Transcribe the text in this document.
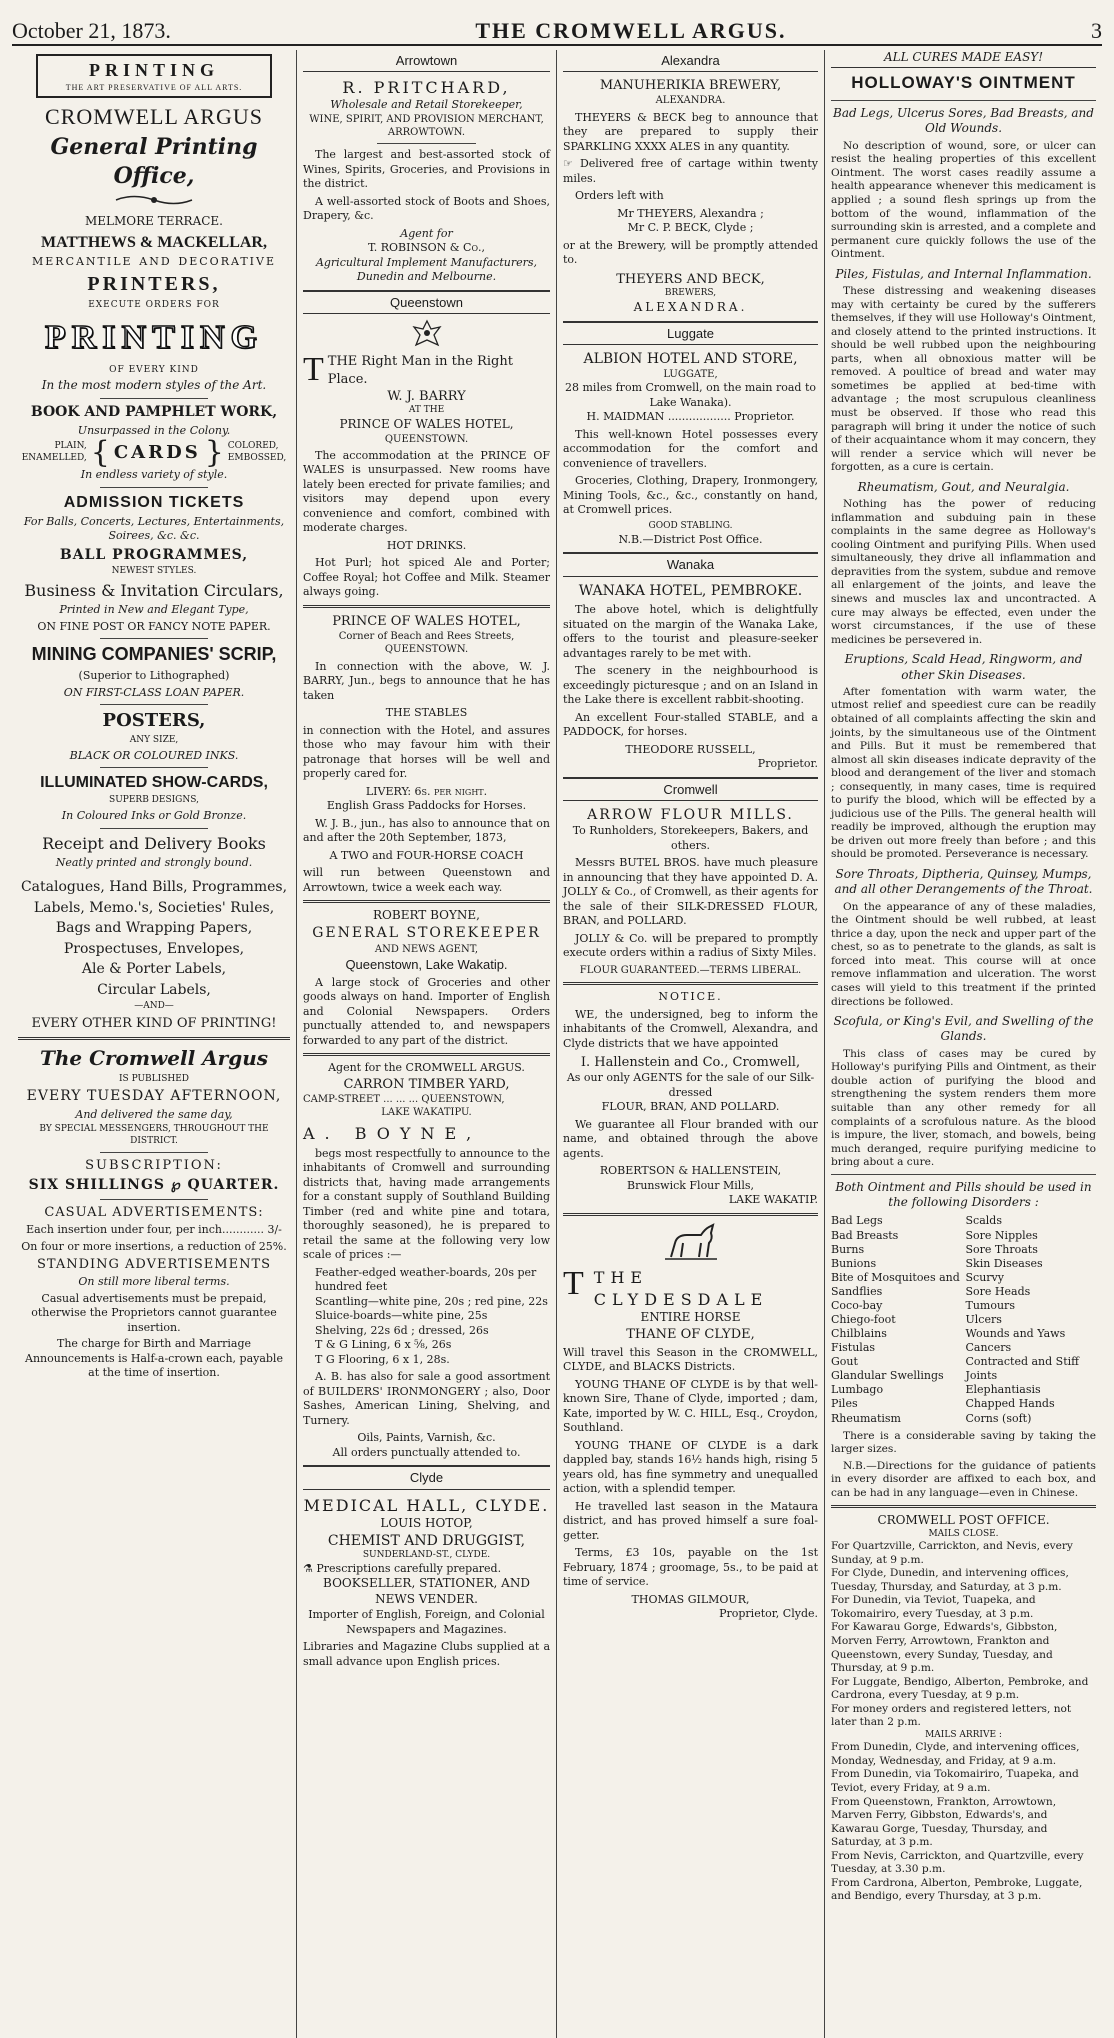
October 21, 1873.	THE CROMWELL ARGUS.	3
PRINTING
THE ART PRESERVATIVE OF ALL ARTS.
CROMWELL ARGUS
General Printing Office,
MELMORE TERRACE.
MATTHEWS & MACKELLAR,
MERCANTILE AND DECORATIVE
PRINTERS,
EXECUTE ORDERS FOR
PRINTING
OF EVERY KIND
In the most modern styles of the Art.
BOOK AND PAMPHLET WORK,
Unsurpassed in the Colony.
PLAIN,
ENAMELLED, { CARDS } COLORED,
EMBOSSED,
In endless variety of style.
ADMISSION TICKETS
For Balls, Concerts, Lectures, Entertainments, Soirees, &c. &c.
BALL PROGRAMMES,
NEWEST STYLES.
Business & Invitation Circulars,
Printed in New and Elegant Type,
ON FINE POST OR FANCY NOTE PAPER.
MINING COMPANIES' SCRIP,
(Superior to Lithographed)
ON FIRST-CLASS LOAN PAPER.
POSTERS,
ANY SIZE,
BLACK OR COLOURED INKS.
ILLUMINATED SHOW-CARDS,
SUPERB DESIGNS,
In Coloured Inks or Gold Bronze.
Receipt and Delivery Books
Neatly printed and strongly bound.
Catalogues, Hand Bills, Programmes,
Labels, Memo.'s, Societies' Rules,
Bags and Wrapping Papers,
Prospectuses, Envelopes,
Ale & Porter Labels,
Circular Labels,
—AND—
EVERY OTHER KIND OF PRINTING!
The Cromwell Argus
IS PUBLISHED
EVERY TUESDAY AFTERNOON,
And delivered the same day,
BY SPECIAL MESSENGERS, THROUGHOUT THE DISTRICT.
SUBSCRIPTION:
SIX SHILLINGS ℘ QUARTER.
CASUAL ADVERTISEMENTS:
Each insertion under four, per inch............ 3/-
On four or more insertions, a reduction of 25%.
STANDING ADVERTISEMENTS
On still more liberal terms.
Casual advertisements must be prepaid, otherwise the Proprietors cannot guarantee insertion.
The charge for Birth and Marriage Announcements is Half-a-crown each, payable at the time of insertion.
Arrowtown
R. PRITCHARD,
Wholesale and Retail Storekeeper,
WINE, SPIRIT, AND PROVISION MERCHANT,
ARROWTOWN.
The largest and best-assorted stock of Wines, Spirits, Groceries, and Provisions in the district.
A well-assorted stock of Boots and Shoes, Drapery, &c.
Agent for
T. ROBINSON & Co.,
Agricultural Implement Manufacturers, Dunedin and Melbourne.
Queenstown
TTHE Right Man in the Right Place.
W. J. BARRY
AT THE
PRINCE OF WALES HOTEL,
QUEENSTOWN.
The accommodation at the PRINCE OF WALES is unsurpassed. New rooms have lately been erected for private families; and visitors may depend upon every convenience and comfort, combined with moderate charges.
HOT DRINKS.
Hot Purl; hot spiced Ale and Porter; Coffee Royal; hot Coffee and Milk. Steamer always going.
PRINCE OF WALES HOTEL,
Corner of Beach and Rees Streets,
QUEENSTOWN.
In connection with the above, W. J. BARRY, Jun., begs to announce that he has taken
THE STABLES
in connection with the Hotel, and assures those who may favour him with their patronage that horses will be well and properly cared for.
LIVERY: 6s. per night.
English Grass Paddocks for Horses.
W. J. B., jun., has also to announce that on and after the 20th September, 1873,
A TWO and FOUR-HORSE COACH
will run between Queenstown and Arrowtown, twice a week each way.
ROBERT BOYNE,
GENERAL STOREKEEPER
AND NEWS AGENT,
Queenstown, Lake Wakatip.
A large stock of Groceries and other goods always on hand. Importer of English and Colonial Newspapers. Orders punctually attended to, and newspapers forwarded to any part of the district.
Agent for the CROMWELL ARGUS.
CARRON TIMBER YARD,
CAMP-STREET ... ... ... QUEENSTOWN,
LAKE WAKATIPU.
A. BOYNE,
begs most respectfully to announce to the inhabitants of Cromwell and surrounding districts that, having made arrangements for a constant supply of Southland Building Timber (red and white pine and totara, thoroughly seasoned), he is prepared to retail the same at the following very low scale of prices :—
Feather-edged weather-boards, 20s per hundred feet
Scantling—white pine, 20s ; red pine, 22s
Sluice-boards—white pine, 25s
Shelving, 22s 6d ; dressed, 26s
T & G Lining, 6 x ⅝, 26s
T G Flooring, 6 x 1, 28s.
A. B. has also for sale a good assortment of BUILDERS' IRONMONGERY ; also, Door Sashes, American Lining, Shelving, and Turnery.
Oils, Paints, Varnish, &c.
All orders punctually attended to.
Clyde
MEDICAL HALL, CLYDE.
LOUIS HOTOP,
CHEMIST AND DRUGGIST,
SUNDERLAND-ST., CLYDE.
⚗ Prescriptions carefully prepared.
BOOKSELLER, STATIONER, AND NEWS VENDER.
Importer of English, Foreign, and Colonial Newspapers and Magazines.
Libraries and Magazine Clubs supplied at a small advance upon English prices.
Alexandra
MANUHERIKIA BREWERY,
ALEXANDRA.
THEYERS & BECK beg to announce that they are prepared to supply their SPARKLING XXXX ALES in any quantity.
☞ Delivered free of cartage within twenty miles.
Orders left with
Mr THEYERS, Alexandra ;
Mr C. P. BECK, Clyde ;
or at the Brewery, will be promptly attended to.
THEYERS AND BECK,
BREWERS,
ALEXANDRA.
Luggate
ALBION HOTEL AND STORE,
LUGGATE,
28 miles from Cromwell, on the main road to Lake Wanaka).
H. MAIDMAN .................. Proprietor.
This well-known Hotel possesses every accommodation for the comfort and convenience of travellers.
Groceries, Clothing, Drapery, Ironmongery, Mining Tools, &c., &c., constantly on hand, at Cromwell prices.
GOOD STABLING.
N.B.—District Post Office.
Wanaka
WANAKA HOTEL, PEMBROKE.
The above hotel, which is delightfully situated on the margin of the Wanaka Lake, offers to the tourist and pleasure-seeker advantages rarely to be met with.
The scenery in the neighbourhood is exceedingly picturesque ; and on an Island in the Lake there is excellent rabbit-shooting.
An excellent Four-stalled STABLE, and a PADDOCK, for horses.
THEODORE RUSSELL,
Proprietor.
Cromwell
ARROW FLOUR MILLS.
To Runholders, Storekeepers, Bakers, and others.
Messrs BUTEL BROS. have much pleasure in announcing that they have appointed D. A. JOLLY & Co., of Cromwell, as their agents for the sale of their SILK-DRESSED FLOUR, BRAN, and POLLARD.
JOLLY & Co. will be prepared to promptly execute orders within a radius of Sixty Miles.
FLOUR GUARANTEED.—TERMS LIBERAL.
NOTICE.
WE, the undersigned, beg to inform the inhabitants of the Cromwell, Alexandra, and Clyde districts that we have appointed
I. Hallenstein and Co., Cromwell,
As our only AGENTS for the sale of our Silk-dressed
FLOUR, BRAN, AND POLLARD.
We guarantee all Flour branded with our name, and obtained through the above agents.
ROBERTSON & HALLENSTEIN,
Brunswick Flour Mills,
LAKE WAKATIP.
TTHE CLYDESDALE
ENTIRE HORSE
THANE OF CLYDE,
Will travel this Season in the CROMWELL, CLYDE, and BLACKS Districts.
YOUNG THANE OF CLYDE is by that well-known Sire, Thane of Clyde, imported ; dam, Kate, imported by W. C. HILL, Esq., Croydon, Southland.
YOUNG THANE OF CLYDE is a dark dappled bay, stands 16½ hands high, rising 5 years old, has fine symmetry and unequalled action, with a splendid temper.
He travelled last season in the Mataura district, and has proved himself a sure foal-getter.
Terms, £3 10s, payable on the 1st February, 1874 ; groomage, 5s., to be paid at time of service.
THOMAS GILMOUR,
Proprietor, Clyde.
ALL CURES MADE EASY!
HOLLOWAY'S OINTMENT
Bad Legs, Ulcerus Sores, Bad Breasts, and Old Wounds.
No description of wound, sore, or ulcer can resist the healing properties of this excellent Ointment. The worst cases readily assume a health appearance whenever this medicament is applied ; a sound flesh springs up from the bottom of the wound, inflammation of the surrounding skin is arrested, and a complete and permanent cure quickly follows the use of the Ointment.
Piles, Fistulas, and Internal Inflammation.
These distressing and weakening diseases may with certainty be cured by the sufferers themselves, if they will use Holloway's Ointment, and closely attend to the printed instructions. It should be well rubbed upon the neighbouring parts, when all obnoxious matter will be removed. A poultice of bread and water may sometimes be applied at bed-time with advantage ; the most scrupulous cleanliness must be observed. If those who read this paragraph will bring it under the notice of such of their acquaintance whom it may concern, they will render a service which will never be forgotten, as a cure is certain.
Rheumatism, Gout, and Neuralgia.
Nothing has the power of reducing inflammation and subduing pain in these complaints in the same degree as Holloway's cooling Ointment and purifying Pills. When used simultaneously, they drive all inflammation and depravities from the system, subdue and remove all enlargement of the joints, and leave the sinews and muscles lax and uncontracted. A cure may always be effected, even under the worst circumstances, if the use of these medicines be persevered in.
Eruptions, Scald Head, Ringworm, and other Skin Diseases.
After fomentation with warm water, the utmost relief and speediest cure can be readily obtained of all complaints affecting the skin and joints, by the simultaneous use of the Ointment and Pills. But it must be remembered that almost all skin diseases indicate depravity of the blood and derangement of the liver and stomach ; consequently, in many cases, time is required to purify the blood, which will be effected by a judicious use of the Pills. The general health will readily be improved, although the eruption may be driven out more freely than before ; and this should be promoted. Perseverance is necessary.
Sore Throats, Diptheria, Quinsey, Mumps, and all other Derangements of the Throat.
On the appearance of any of these maladies, the Ointment should be well rubbed, at least thrice a day, upon the neck and upper part of the chest, so as to penetrate to the glands, as salt is forced into meat. This course will at once remove inflammation and ulceration. The worst cases will yield to this treatment if the printed directions be followed.
Scofula, or King's Evil, and Swelling of the Glands.
This class of cases may be cured by Holloway's purifying Pills and Ointment, as their double action of purifying the blood and strengthening the system renders them more suitable than any other remedy for all complaints of a scrofulous nature. As the blood is impure, the liver, stomach, and bowels, being much deranged, require purifying medicine to bring about a cure.
Both Ointment and Pills should be used in the following Disorders :
Bad Legs
Bad Breasts
Burns
Bunions
Bite of Mosquitoes and Sandflies
Coco-bay
Chiego-foot
Chilblains
Fistulas
Gout
Glandular Swellings
Lumbago
Piles
Rheumatism
Scalds
Sore Nipples
Sore Throats
Skin Diseases
Scurvy
Sore Heads
Tumours
Ulcers
Wounds and Yaws
Cancers
Contracted and Stiff Joints
Elephantiasis
Chapped Hands
Corns (soft)
There is a considerable saving by taking the larger sizes.
N.B.—Directions for the guidance of patients in every disorder are affixed to each box, and can be had in any language—even in Chinese.
CROMWELL POST OFFICE.
MAILS CLOSE.
For Quartzville, Carrickton, and Nevis, every Sunday, at 9 p.m.
For Clyde, Dunedin, and intervening offices, Tuesday, Thursday, and Saturday, at 3 p.m.
For Dunedin, via Teviot, Tuapeka, and Tokomairiro, every Tuesday, at 3 p.m.
For Kawarau Gorge, Edwards's, Gibbston, Morven Ferry, Arrowtown, Frankton and Queenstown, every Sunday, Tuesday, and Thursday, at 9 p.m.
For Luggate, Bendigo, Alberton, Pembroke, and Cardrona, every Tuesday, at 9 p.m.
For money orders and registered letters, not later than 2 p.m.
MAILS ARRIVE :
From Dunedin, Clyde, and intervening offices, Monday, Wednesday, and Friday, at 9 a.m.
From Dunedin, via Tokomairiro, Tuapeka, and Teviot, every Friday, at 9 a.m.
From Queenstown, Frankton, Arrowtown, Marven Ferry, Gibbston, Edwards's, and Kawarau Gorge, Tuesday, Thursday, and Saturday, at 3 p.m.
From Nevis, Carrickton, and Quartzville, every Tuesday, at 3.30 p.m.
From Cardrona, Alberton, Pembroke, Luggate, and Bendigo, every Thursday, at 3 p.m.
